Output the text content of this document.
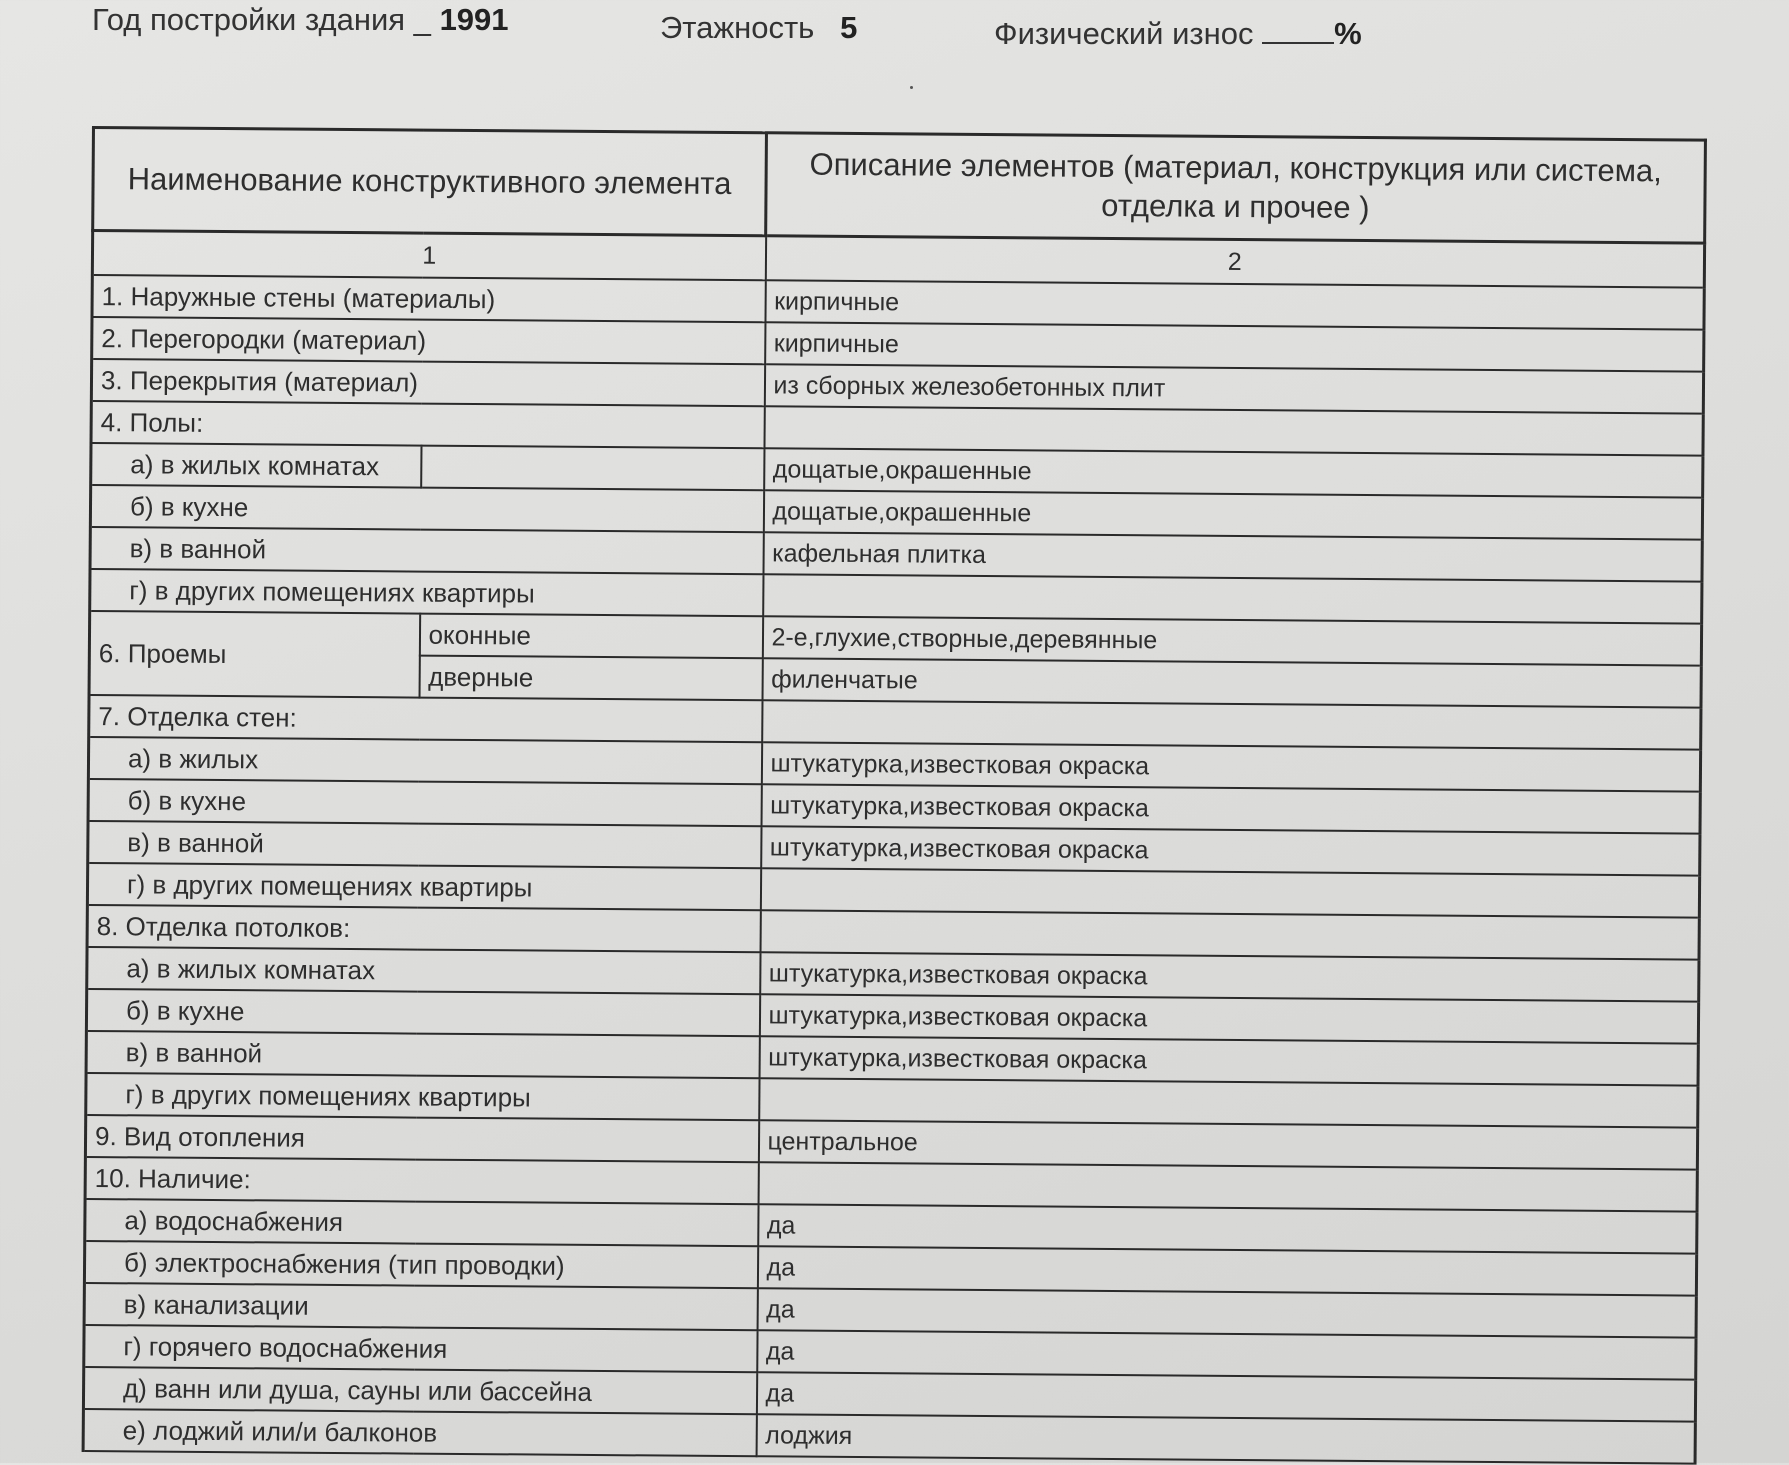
Год постройки здания _ 1991	Этажность 5	Физический износ	%
Наименование конструктивного элемента		Описание элементов (материал, конструкция или система, отделка и прочее )
1		2
1. Наружные стены (материалы)		кирпичные
2. Перегородки (материал)		кирпичные
3. Перекрытия (материал)		из сборных железобетонных плит
4. Полы:		
а) в жилых комнатах		дощатые,окрашенные
б) в кухне		дощатые,окрашенные
в) в ванной		кафельная плитка
г) в других помещениях квартиры		
6. Проемы	оконные	2-е,глухие,створные,деревянные
	дверные	филенчатые
7. Отделка стен:		
а) в жилых		штукатурка,известковая окраска
б) в кухне		штукатурка,известковая окраска
в) в ванной		штукатурка,известковая окраска
г) в других помещениях квартиры		
8. Отделка потолков:		
а) в жилых комнатах		штукатурка,известковая окраска
б) в кухне		штукатурка,известковая окраска
в) в ванной		штукатурка,известковая окраска
г) в других помещениях квартиры		
9. Вид отопления		центральное
10. Наличие:		
а) водоснабжения		да
б) электроснабжения (тип проводки)		да
в) канализации		да
г) горячего водоснабжения		да
д) ванн или душа, сауны или бассейна		да
е) лоджий или/и балконов		лоджия
